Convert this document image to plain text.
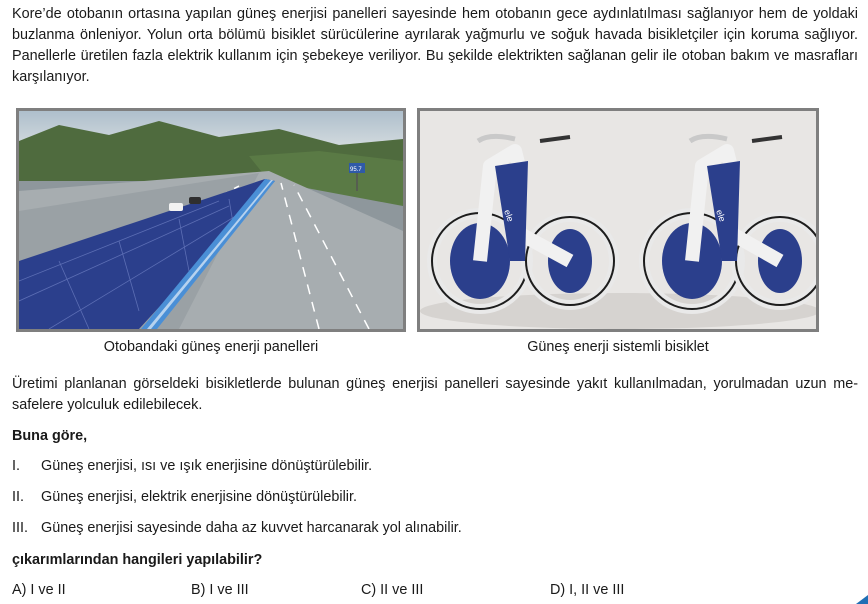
Kore’de otobanın ortasına yapılan güneş enerjisi panelleri sayesinde hem otobanın gece aydınlatılması sağlanıyor hem de yoldaki buzlanma önleniyor. Yolun orta bölümü bisiklet sürücülerine ayrılarak yağmurlu ve soğuk havada bisikletçiler için koruma sağlıyor. Panellerle üretilen fazla elektrik kullanım için şebekeye veriliyor. Bu şekilde elektrikten sağlanan gelir ile otoban bakım ve masrafları karşılanıyor.

95.7
ele	ele
Otobandaki güneş enerji panelleri	Güneş enerji sistemli bisiklet

Üretimi planlanan görseldeki bisikletlerde bulunan güneş enerjisi panelleri sayesinde yakıt kullanılmadan, yorulmadan uzun mesafelere yolculuk edilebilecek.

Buna göre,
I. Güneş enerjisi, ısı ve ışık enerjisine dönüştürülebilir.
II. Güneş enerjisi, elektrik enerjisine dönüştürülebilir.
III. Güneş enerjisi sayesinde daha az kuvvet harcanarak yol alınabilir.
çıkarımlarından hangileri yapılabilir?
A) I ve II	B) I ve III	C) II ve III	D) I, II ve III
